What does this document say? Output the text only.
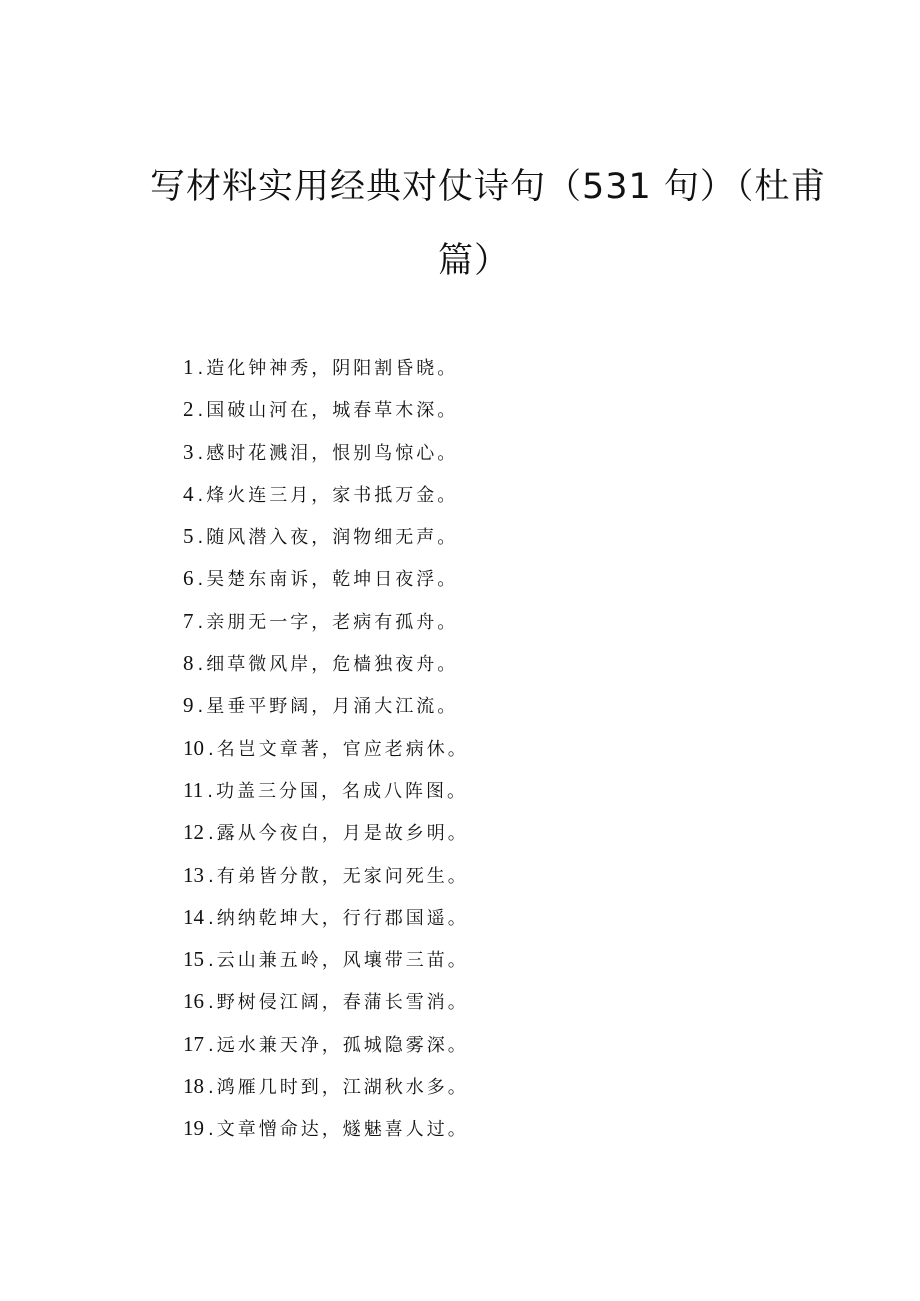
写材料实用经典对仗诗句（531 句）（杜甫
篇）
1 .造化钟神秀，阴阳割昏晓。
2 .国破山河在，城春草木深。
3 .感时花溅泪，恨别鸟惊心。
4 .烽火连三月，家书抵万金。
5 .随风潜入夜，润物细无声。
6 .吴楚东南诉，乾坤日夜浮。
7 .亲朋无一字，老病有孤舟。
8 .细草微风岸，危樯独夜舟。
9 .星垂平野阔，月涌大江流。
10 .名岂文章著，官应老病休。
11 .功盖三分国，名成八阵图。
12 .露从今夜白，月是故乡明。
13 .有弟皆分散，无家问死生。
14 .纳纳乾坤大，行行郡国遥。
15 .云山兼五岭，风壤带三苗。
16 .野树侵江阔，春蒲长雪消。
17 .远水兼天净，孤城隐雾深。
18 .鸿雁几时到，江湖秋水多。
19 .文章憎命达，燧魅喜人过。
